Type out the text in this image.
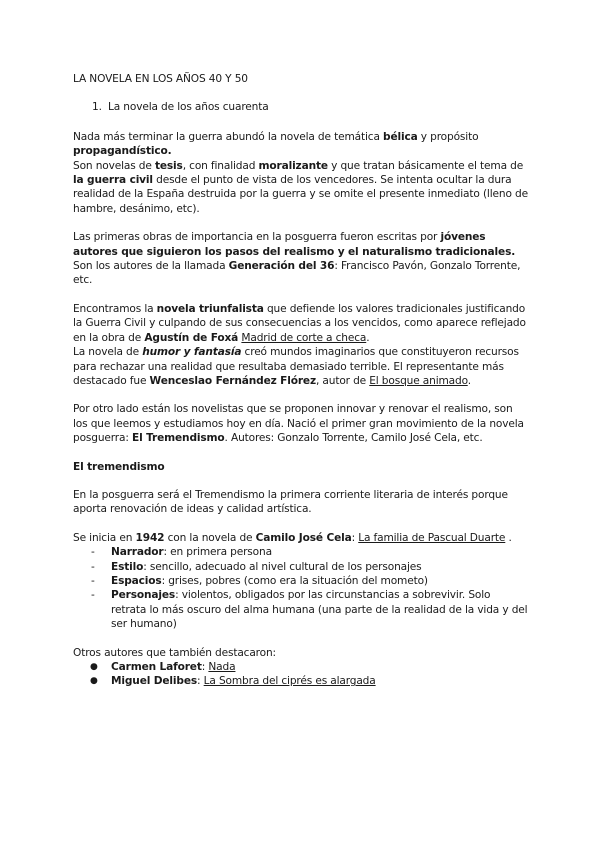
LA NOVELA EN LOS AÑOS 40 Y 50

1. La novela de los años cuarenta

Nada más terminar la guerra abundó la novela de temática bélica y propósito propagandístico.

Son novelas de tesis, con finalidad moralizante y que tratan básicamente el tema de la guerra civil desde el punto de vista de los vencedores. Se intenta ocultar la dura realidad de la España destruida por la guerra y se omite el presente inmediato (lleno de hambre, desánimo, etc).

Las primeras obras de importancia en la posguerra fueron escritas por jóvenes autores que siguieron los pasos del realismo y el naturalismo tradicionales. Son los autores de la llamada Generación del 36: Francisco Pavón, Gonzalo Torrente, etc.

Encontramos la novela triunfalista que defiende los valores tradicionales justificando la Guerra Civil y culpando de sus consecuencias a los vencidos, como aparece reflejado en la obra de Agustín de Foxá Madrid de corte a checa.

La novela de humor y fantasía creó mundos imaginarios que constituyeron recursos para rechazar una realidad que resultaba demasiado terrible. El representante más destacado fue Wenceslao Fernández Flórez, autor de El bosque animado.

Por otro lado están los novelistas que se proponen innovar y renovar el realismo, son los que leemos y estudiamos hoy en día. Nació el primer gran movimiento de la novela posguerra: El Tremendismo. Autores: Gonzalo Torrente, Camilo José Cela, etc.

El tremendismo

En la posguerra será el Tremendismo la primera corriente literaria de interés porque aporta renovación de ideas y calidad artística.

Se inicia en 1942 con la novela de Camilo José Cela: La familia de Pascual Duarte .

- Narrador: en primera persona
- Estilo: sencillo, adecuado al nivel cultural de los personajes
- Espacios: grises, pobres (como era la situación del mometo)
- Personajes: violentos, obligados por las circunstancias a sobrevivir. Solo retrata lo más oscuro del alma humana (una parte de la realidad de la vida y del ser humano)

Otros autores que también destacaron:

● Carmen Laforet: Nada
● Miguel Delibes: La Sombra del ciprés es alargada
